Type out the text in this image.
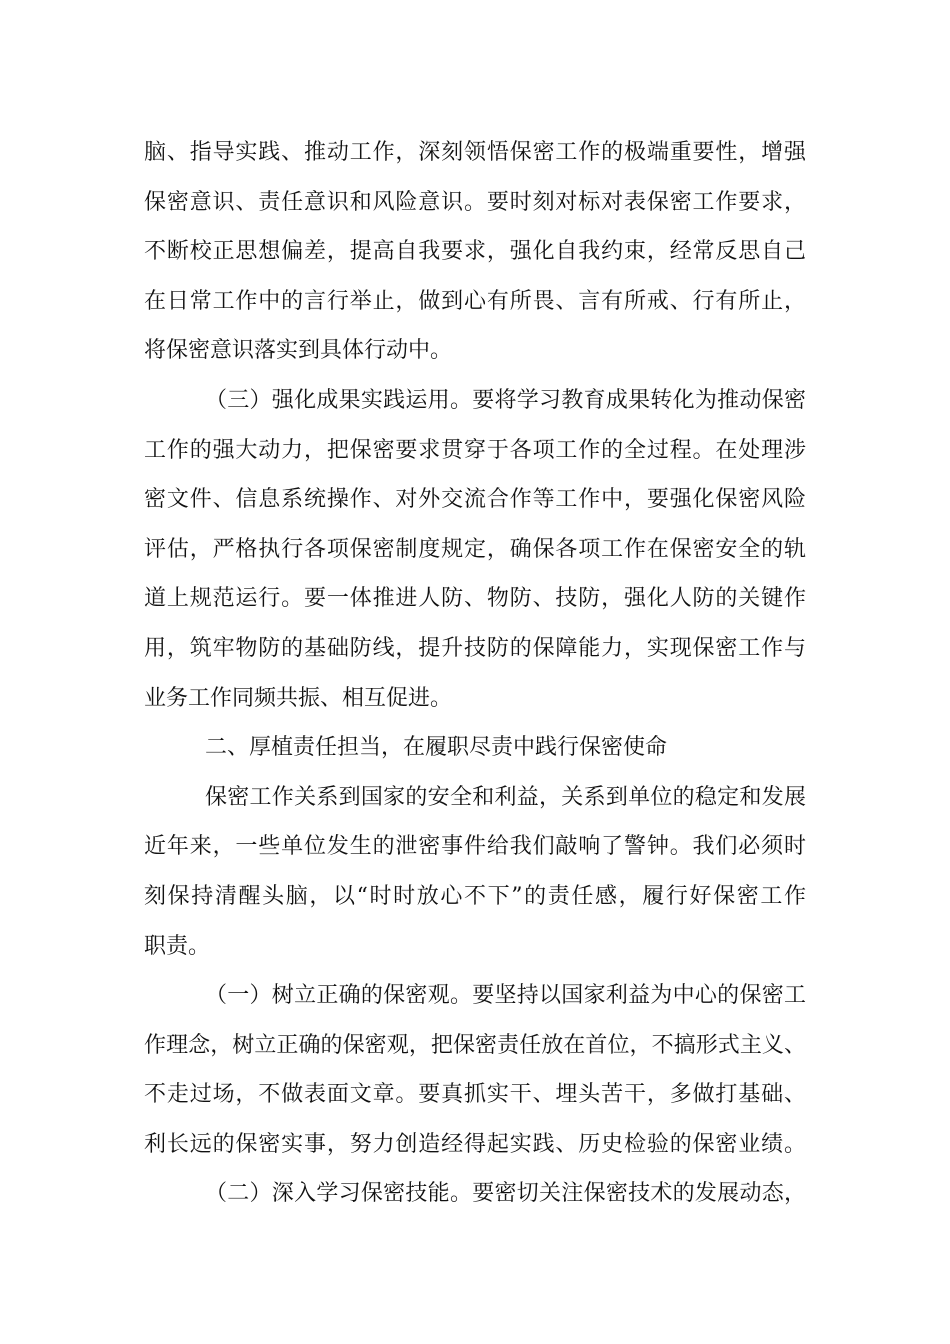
脑、指导实践、推动工作，深刻领悟保密工作的极端重要性，增强
保密意识、责任意识和风险意识。要时刻对标对表保密工作要求，
不断校正思想偏差，提高自我要求，强化自我约束，经常反思自己
在日常工作中的言行举止，做到心有所畏、言有所戒、行有所止，
将保密意识落实到具体行动中。
（三）强化成果实践运用。要将学习教育成果转化为推动保密
工作的强大动力，把保密要求贯穿于各项工作的全过程。在处理涉
密文件、信息系统操作、对外交流合作等工作中，要强化保密风险
评估，严格执行各项保密制度规定，确保各项工作在保密安全的轨
道上规范运行。要一体推进人防、物防、技防，强化人防的关键作
用，筑牢物防的基础防线，提升技防的保障能力，实现保密工作与
业务工作同频共振、相互促进。
二、厚植责任担当，在履职尽责中践行保密使命
保密工作关系到国家的安全和利益，关系到单位的稳定和发展
近年来，一些单位发生的泄密事件给我们敲响了警钟。我们必须时
刻保持清醒头脑，以“时时放心不下”的责任感，履行好保密工作
职责。
（一）树立正确的保密观。要坚持以国家利益为中心的保密工
作理念，树立正确的保密观，把保密责任放在首位，不搞形式主义、
不走过场，不做表面文章。要真抓实干、埋头苦干，多做打基础、
利长远的保密实事，努力创造经得起实践、历史检验的保密业绩。
（二）深入学习保密技能。要密切关注保密技术的发展动态，
